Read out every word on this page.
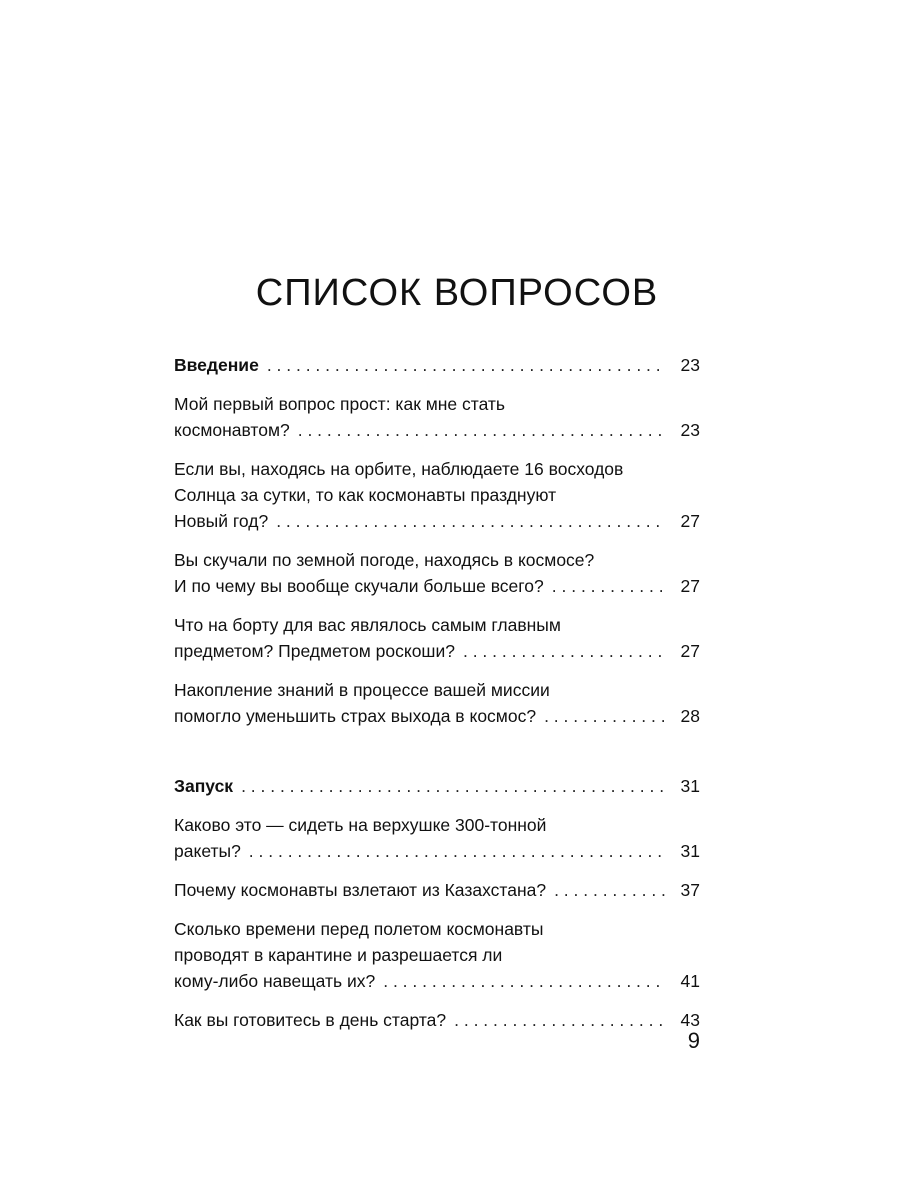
СПИСОК ВОПРОСОВ
Введение . . .	23
Мой первый вопрос прост: как мне стать
космонавтом? . . .	23
Если вы, находясь на орбите, наблюдаете 16 восходов
Солнца за сутки, то как космонавты празднуют
Новый год? . . .	27
Вы скучали по земной погоде, находясь в космосе?
И по чему вы вообще скучали больше всего? . . .	27
Что на борту для вас являлось самым главным
предметом? Предметом роскоши? . . .	27
Накопление знаний в процессе вашей миссии
помогло уменьшить страх выхода в космос? . . .	28
Запуск . . .	31
Каково это — сидеть на верхушке 300-тонной
ракеты? . . .	31
Почему космонавты взлетают из Казахстана? . . .	37
Сколько времени перед полетом космонавты
проводят в карантине и разрешается ли
кому-либо навещать их? . . .	41
Как вы готовитесь в день старта? . . .	43
9
